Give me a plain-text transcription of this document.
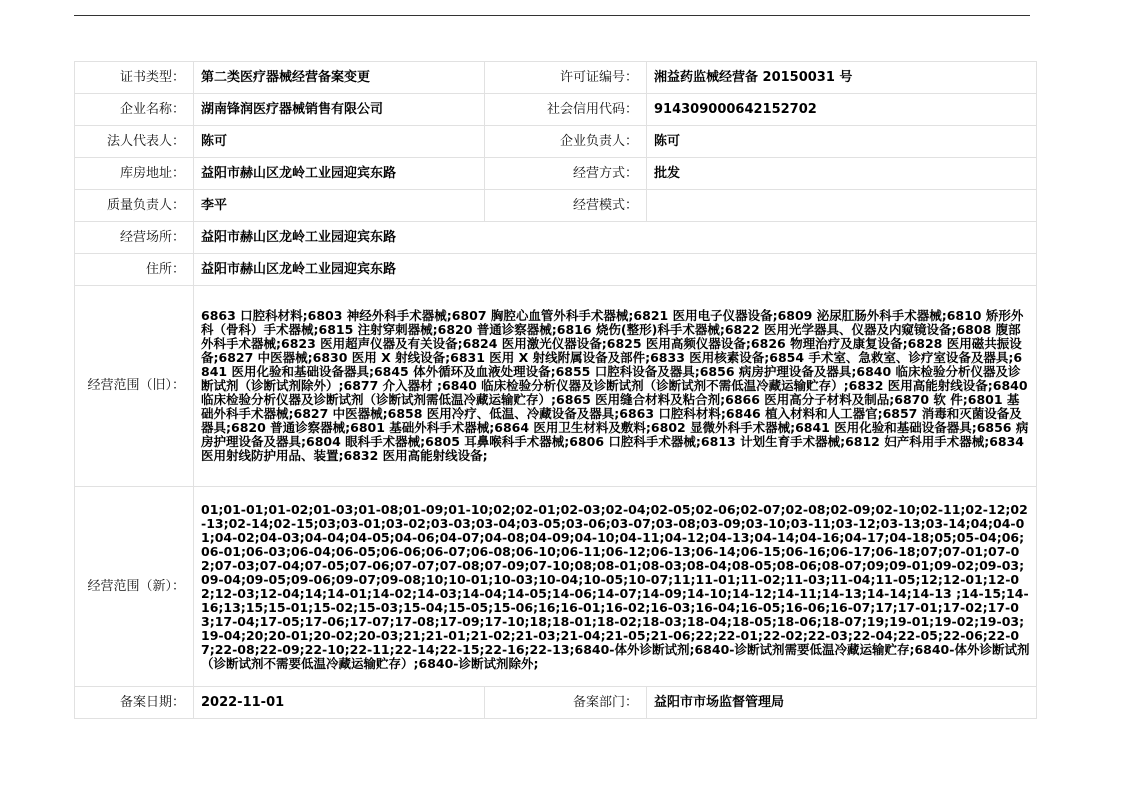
证书类型：	第二类医疗器械经营备案变更	许可证编号：	湘益药监械经营备 20150031 号
企业名称：	湖南锋润医疗器械销售有限公司	社会信用代码：	914309000642152702
法人代表人：	陈可	企业负责人：	陈可
库房地址：	益阳市赫山区龙岭工业园迎宾东路	经营方式：	批发
质量负责人：	李平	经营模式：	
经营场所：	益阳市赫山区龙岭工业园迎宾东路		
住所：	益阳市赫山区龙岭工业园迎宾东路		
经营范围（旧）：	6863 口腔科材料;6803 神经外科手术器械;6807 胸腔心血管外科手术器械;6821 医用电子仪器设备;6809 泌尿肛肠外科手术器械;6810 矫形外科（骨科）手术器械;6815 注射穿刺器械;6820 普通诊察器械;6816 烧伤(整形)科手术器械;6822 医用光学器具、仪器及内窥镜设备;6808 腹部外科手术器械;6823 医用超声仪器及有关设备;6824 医用激光仪器设备;6825 医用高频仪器设备;6826 物理治疗及康复设备;6828 医用磁共振设备;6827 中医器械;6830 医用 X 射线设备;6831 医用 X 射线附属设备及部件;6833 医用核素设备;6854 手术室、急救室、诊疗室设备及器具;6841 医用化验和基础设备器具;6845 体外循环及血液处理设备;6855 口腔科设备及器具;6856 病房护理设备及器具;6840 临床检验分析仪器及诊断试剂（诊断试剂除外）;6877 介入器材 ;6840 临床检验分析仪器及诊断试剂（诊断试剂不需低温冷藏运输贮存）;6832 医用高能射线设备;6840 临床检验分析仪器及诊断试剂（诊断试剂需低温冷藏运输贮存）;6865 医用缝合材料及粘合剂;6866 医用高分子材料及制品;6870 软 件;6801 基础外科手术器械;6827 中医器械;6858 医用冷疗、低温、冷藏设备及器具;6863 口腔科材料;6846 植入材料和人工器官;6857 消毒和灭菌设备及器具;6820 普通诊察器械;6801 基础外科手术器械;6864 医用卫生材料及敷料;6802 显微外科手术器械;6841 医用化验和基础设备器具;6856 病房护理设备及器具;6804 眼科手术器械;6805 耳鼻喉科手术器械;6806 口腔科手术器械;6813 计划生育手术器械;6812 妇产科用手术器械;6834 医用射线防护用品、装置;6832 医用高能射线设备;		
经营范围（新）：	01;01-01;01-02;01-03;01-08;01-09;01-10;02;02-01;02-03;02-04;02-05;02-06;02-07;02-08;02-09;02-10;02-11;02-12;02-13;02-14;02-15;03;03-01;03-02;03-03;03-04;03-05;03-06;03-07;03-08;03-09;03-10;03-11;03-12;03-13;03-14;04;04-01;04-02;04-03;04-04;04-05;04-06;04-07;04-08;04-09;04-10;04-11;04-12;04-13;04-14;04-16;04-17;04-18;05;05-04;06;06-01;06-03;06-04;06-05;06-06;06-07;06-08;06-10;06-11;06-12;06-13;06-14;06-15;06-16;06-17;06-18;07;07-01;07-02;07-03;07-04;07-05;07-06;07-07;07-08;07-09;07-10;08;08-01;08-03;08-04;08-05;08-06;08-07;09;09-01;09-02;09-03;09-04;09-05;09-06;09-07;09-08;10;10-01;10-03;10-04;10-05;10-07;11;11-01;11-02;11-03;11-04;11-05;12;12-01;12-02;12-03;12-04;14;14-01;14-02;14-03;14-04;14-05;14-06;14-07;14-09;14-10;14-12;14-11;14-13;14-14;14-13 ;14-15;14-16;13;15;15-01;15-02;15-03;15-04;15-05;15-06;16;16-01;16-02;16-03;16-04;16-05;16-06;16-07;17;17-01;17-02;17-03;17-04;17-05;17-06;17-07;17-08;17-09;17-10;18;18-01;18-02;18-03;18-04;18-05;18-06;18-07;19;19-01;19-02;19-03;19-04;20;20-01;20-02;20-03;21;21-01;21-02;21-03;21-04;21-05;21-06;22;22-01;22-02;22-03;22-04;22-05;22-06;22-07;22-08;22-09;22-10;22-11;22-14;22-15;22-16;22-13;6840-体外诊断试剂;6840-诊断试剂需要低温冷藏运输贮存;6840-体外诊断试剂（诊断试剂不需要低温冷藏运输贮存）;6840-诊断试剂除外;		
备案日期：	2022-11-01	备案部门：	益阳市市场监督管理局
